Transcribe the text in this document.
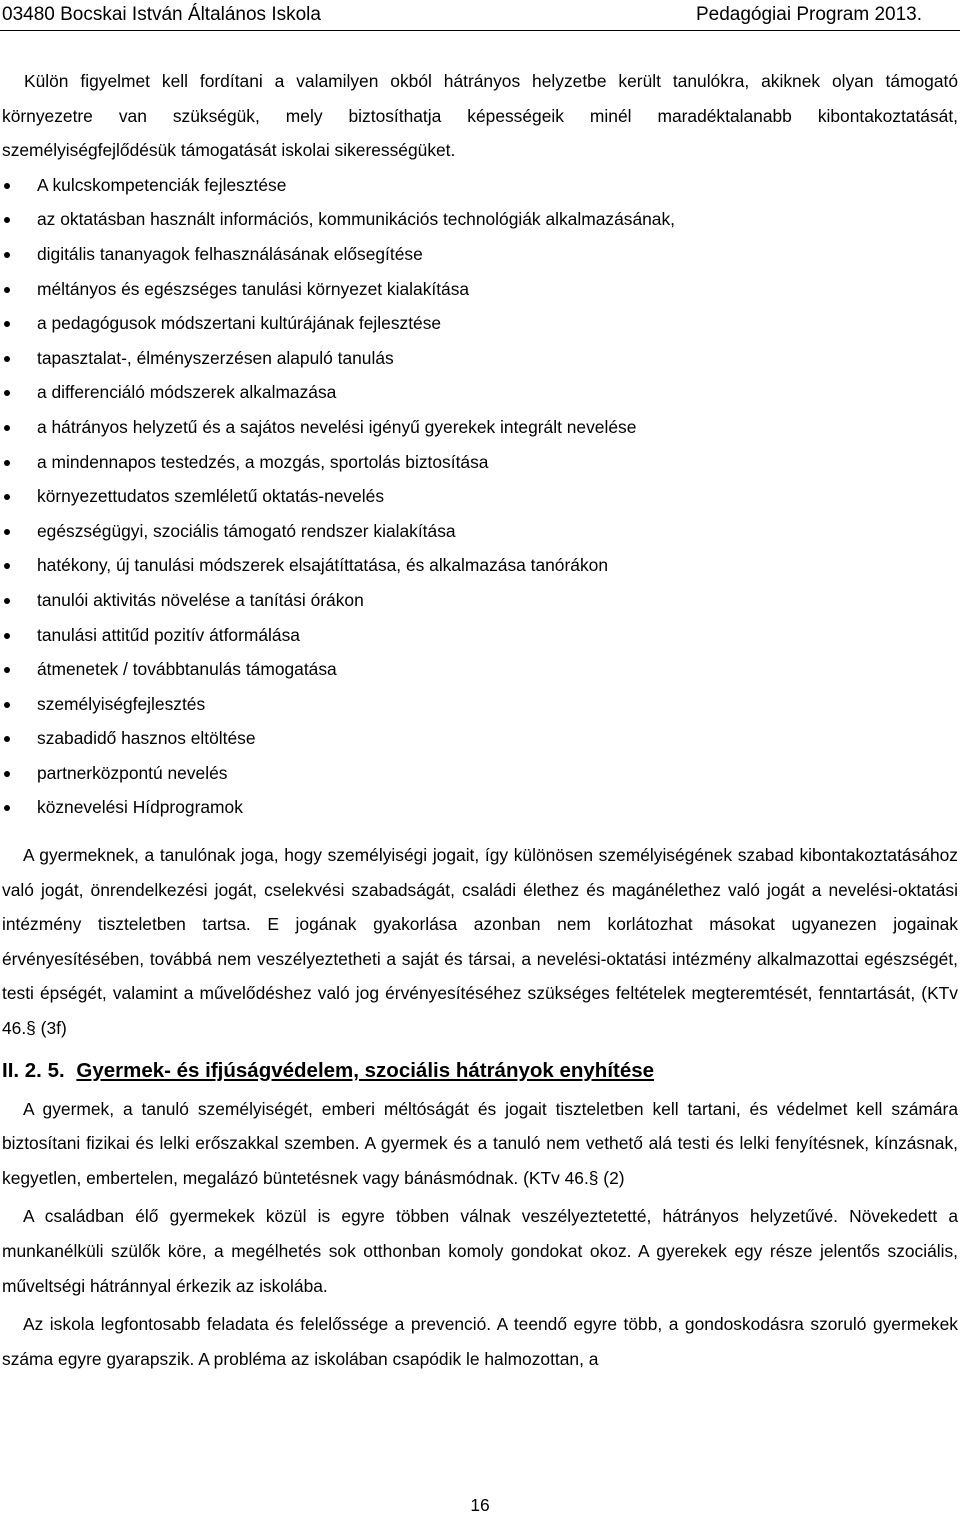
03480 Bocskai István Általános Iskola	Pedagógiai Program 2013.

Külön figyelmet kell fordítani a valamilyen okból hátrányos helyzetbe került tanulókra, akiknek olyan támogató környezetre van szükségük, mely biztosíthatja képességeik minél maradéktalanabb kibontakoztatását, személyiségfejlődésük támogatását iskolai sikerességüket.

A kulcskompetenciák fejlesztése
az oktatásban használt információs, kommunikációs technológiák alkalmazásának,
digitális tananyagok felhasználásának elősegítése
méltányos és egészséges tanulási környezet kialakítása
a pedagógusok módszertani kultúrájának fejlesztése
tapasztalat-, élményszerzésen alapuló tanulás
a differenciáló módszerek alkalmazása
a hátrányos helyzetű és a sajátos nevelési igényű gyerekek integrált nevelése
a mindennapos testedzés, a mozgás, sportolás biztosítása
környezettudatos szemléletű oktatás-nevelés
egészségügyi, szociális támogató rendszer kialakítása
hatékony, új tanulási módszerek elsajátíttatása, és alkalmazása tanórákon
tanulói aktivitás növelése a tanítási órákon
tanulási attitűd pozitív átformálása
átmenetek / továbbtanulás támogatása
személyiségfejlesztés
szabadidő hasznos eltöltése
partnerközpontú nevelés
köznevelési Hídprogramok

A gyermeknek, a tanulónak joga, hogy személyiségi jogait, így különösen személyiségének szabad kibontakoztatásához való jogát, önrendelkezési jogát, cselekvési szabadságát, családi élethez és magánélethez való jogát a nevelési-oktatási intézmény tiszteletben tartsa. E jogának gyakorlása azonban nem korlátozhat másokat ugyanezen jogainak érvényesítésében, továbbá nem veszélyeztetheti a saját és társai, a nevelési-oktatási intézmény alkalmazottai egészségét, testi épségét, valamint a művelődéshez való jog érvényesítéséhez szükséges feltételek megteremtését, fenntartását, (KTv 46.§ (3f)

II. 2. 5. Gyermek- és ifjúságvédelem, szociális hátrányok enyhítése

A gyermek, a tanuló személyiségét, emberi méltóságát és jogait tiszteletben kell tartani, és védelmet kell számára biztosítani fizikai és lelki erőszakkal szemben. A gyermek és a tanuló nem vethető alá testi és lelki fenyítésnek, kínzásnak, kegyetlen, embertelen, megalázó büntetésnek vagy bánásmódnak. (KTv 46.§ (2)

A családban élő gyermekek közül is egyre többen válnak veszélyeztetetté, hátrányos helyzetűvé. Növekedett a munkanélküli szülők köre, a megélhetés sok otthonban komoly gondokat okoz. A gyerekek egy része jelentős szociális, műveltségi hátránnyal érkezik az iskolába.

Az iskola legfontosabb feladata és felelőssége a prevenció. A teendő egyre több, a gondoskodásra szoruló gyermekek száma egyre gyarapszik. A probléma az iskolában csapódik le halmozottan, a

16
